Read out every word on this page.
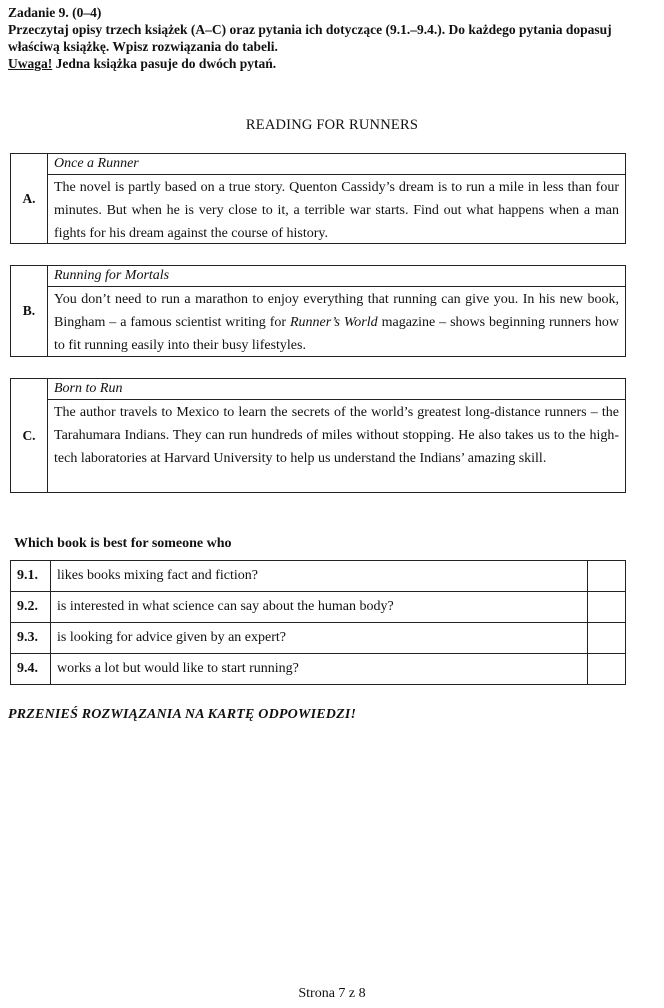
Zadanie 9. (0–4)
Przeczytaj opisy trzech książek (A–C) oraz pytania ich dotyczące (9.1.–9.4.). Do każdego pytania dopasuj właściwą książkę. Wpisz rozwiązania do tabeli.
Uwaga! Jedna książka pasuje do dwóch pytań.
READING FOR RUNNERS
A.
Once a Runner
The novel is partly based on a true story. Quenton Cassidy’s dream is to run a mile in less than four minutes. But when he is very close to it, a terrible war starts. Find out what happens when a man fights for his dream against the course of history.
B.
Running for Mortals
You don’t need to run a marathon to enjoy everything that running can give you. In his new book, Bingham – a famous scientist writing for Runner’s World magazine – shows beginning runners how to fit running easily into their busy lifestyles.
C.
Born to Run
The author travels to Mexico to learn the secrets of the world’s greatest long-distance runners – the Tarahumara Indians. They can run hundreds of miles without stopping. He also takes us to the high-tech laboratories at Harvard University to help us understand the Indians’ amazing skill.
Which book is best for someone who
9.1.	likes books mixing fact and fiction?	
9.2.	is interested in what science can say about the human body?	
9.3.	is looking for advice given by an expert?	
9.4.	works a lot but would like to start running?	
PRZENIEŚ ROZWIĄZANIA NA KARTĘ ODPOWIEDZI!
Strona 7 z 8
